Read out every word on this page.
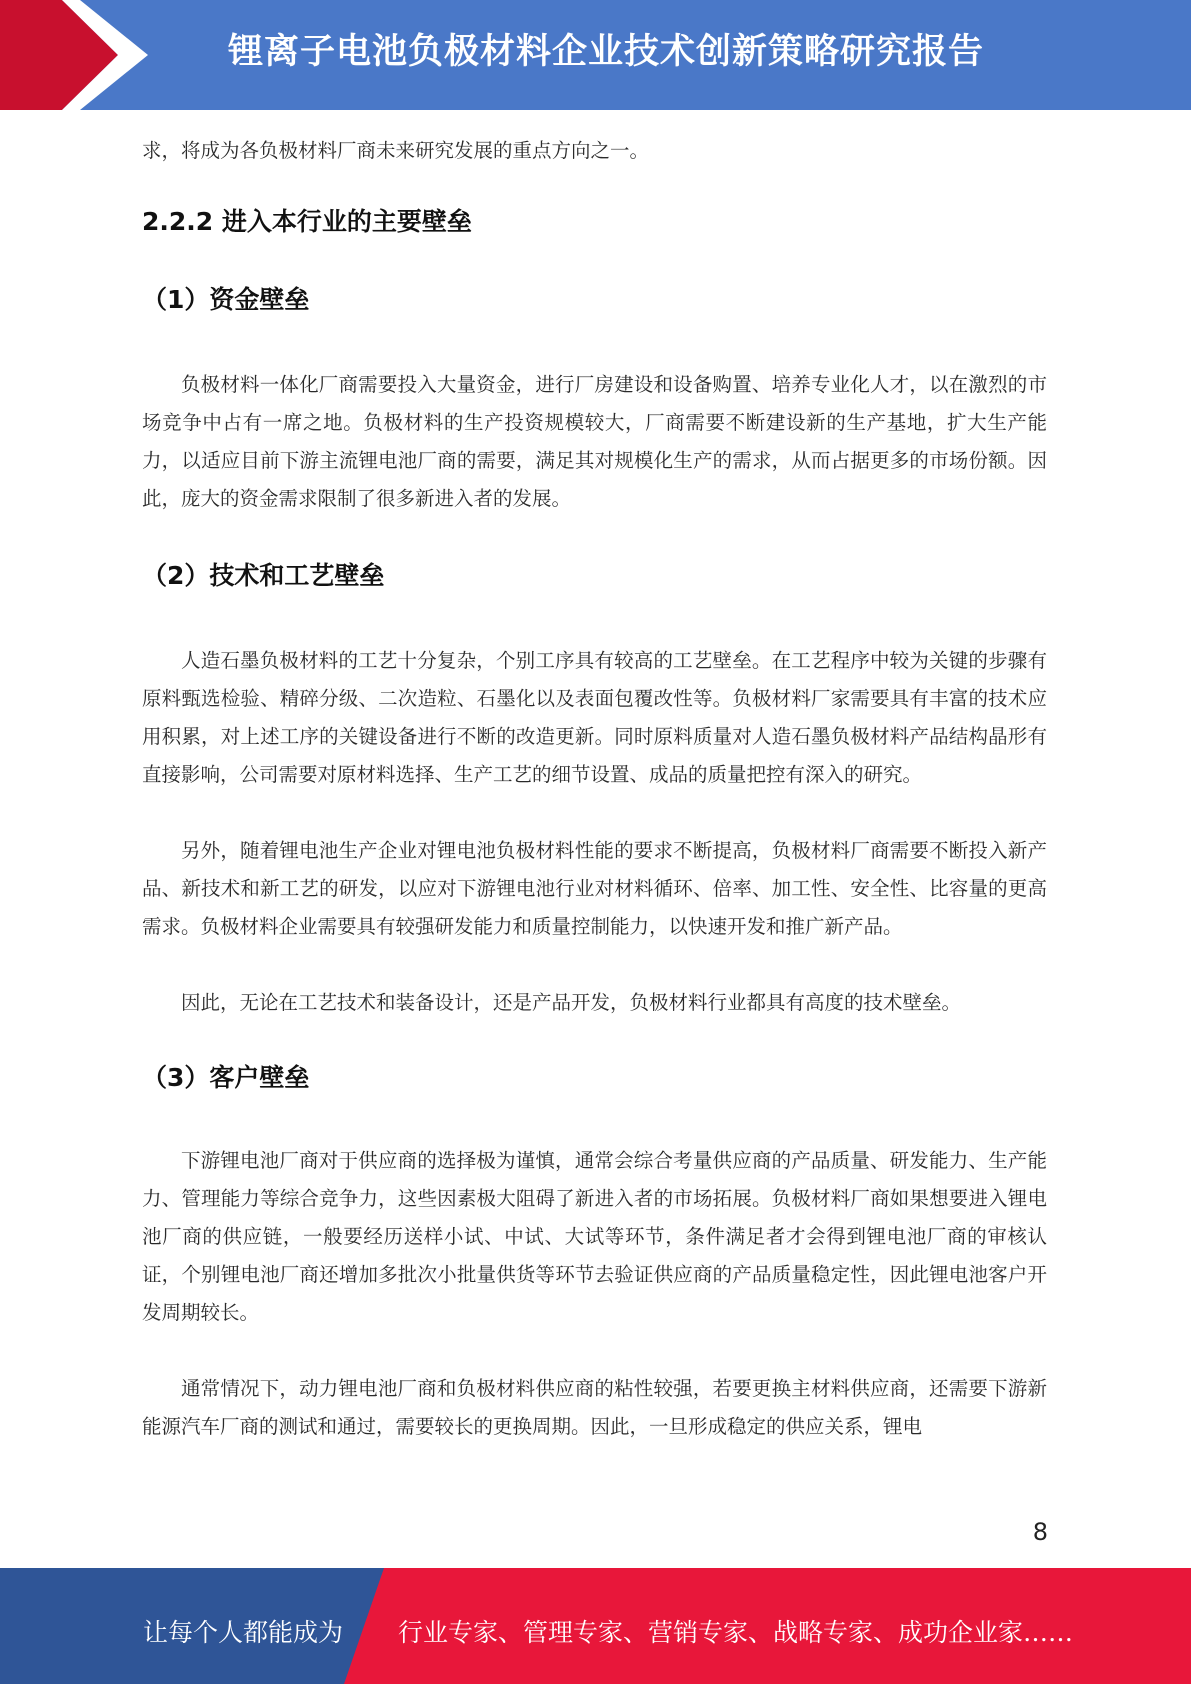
锂离子电池负极材料企业技术创新策略研究报告

求，将成为各负极材料厂商未来研究发展的重点方向之一。

2.2.2 进入本行业的主要壁垒
（1）资金壁垒

负极材料一体化厂商需要投入大量资金，进行厂房建设和设备购置、培养专业化人才，以在激烈的市场竞争中占有一席之地。负极材料的生产投资规模较大，厂商需要不断建设新的生产基地，扩大生产能力，以适应目前下游主流锂电池厂商的需要，满足其对规模化生产的需求，从而占据更多的市场份额。因此，庞大的资金需求限制了很多新进入者的发展。

（2）技术和工艺壁垒

人造石墨负极材料的工艺十分复杂，个别工序具有较高的工艺壁垒。在工艺程序中较为关键的步骤有原料甄选检验、精碎分级、二次造粒、石墨化以及表面包覆改性等。负极材料厂家需要具有丰富的技术应用积累，对上述工序的关键设备进行不断的改造更新。同时原料质量对人造石墨负极材料产品结构晶形有直接影响，公司需要对原材料选择、生产工艺的细节设置、成品的质量把控有深入的研究。

另外，随着锂电池生产企业对锂电池负极材料性能的要求不断提高，负极材料厂商需要不断投入新产品、新技术和新工艺的研发，以应对下游锂电池行业对材料循环、倍率、加工性、安全性、比容量的更高需求。负极材料企业需要具有较强研发能力和质量控制能力，以快速开发和推广新产品。

因此，无论在工艺技术和装备设计，还是产品开发，负极材料行业都具有高度的技术壁垒。

（3）客户壁垒

下游锂电池厂商对于供应商的选择极为谨慎，通常会综合考量供应商的产品质量、研发能力、生产能力、管理能力等综合竞争力，这些因素极大阻碍了新进入者的市场拓展。负极材料厂商如果想要进入锂电池厂商的供应链，一般要经历送样小试、中试、大试等环节，条件满足者才会得到锂电池厂商的审核认证，个别锂电池厂商还增加多批次小批量供货等环节去验证供应商的产品质量稳定性，因此锂电池客户开发周期较长。

通常情况下，动力锂电池厂商和负极材料供应商的粘性较强，若要更换主材料供应商，还需要下游新能源汽车厂商的测试和通过，需要较长的更换周期。因此，一旦形成稳定的供应关系，锂电

8
让每个人都能成为 行业专家、管理专家、营销专家、战略专家、成功企业家……
